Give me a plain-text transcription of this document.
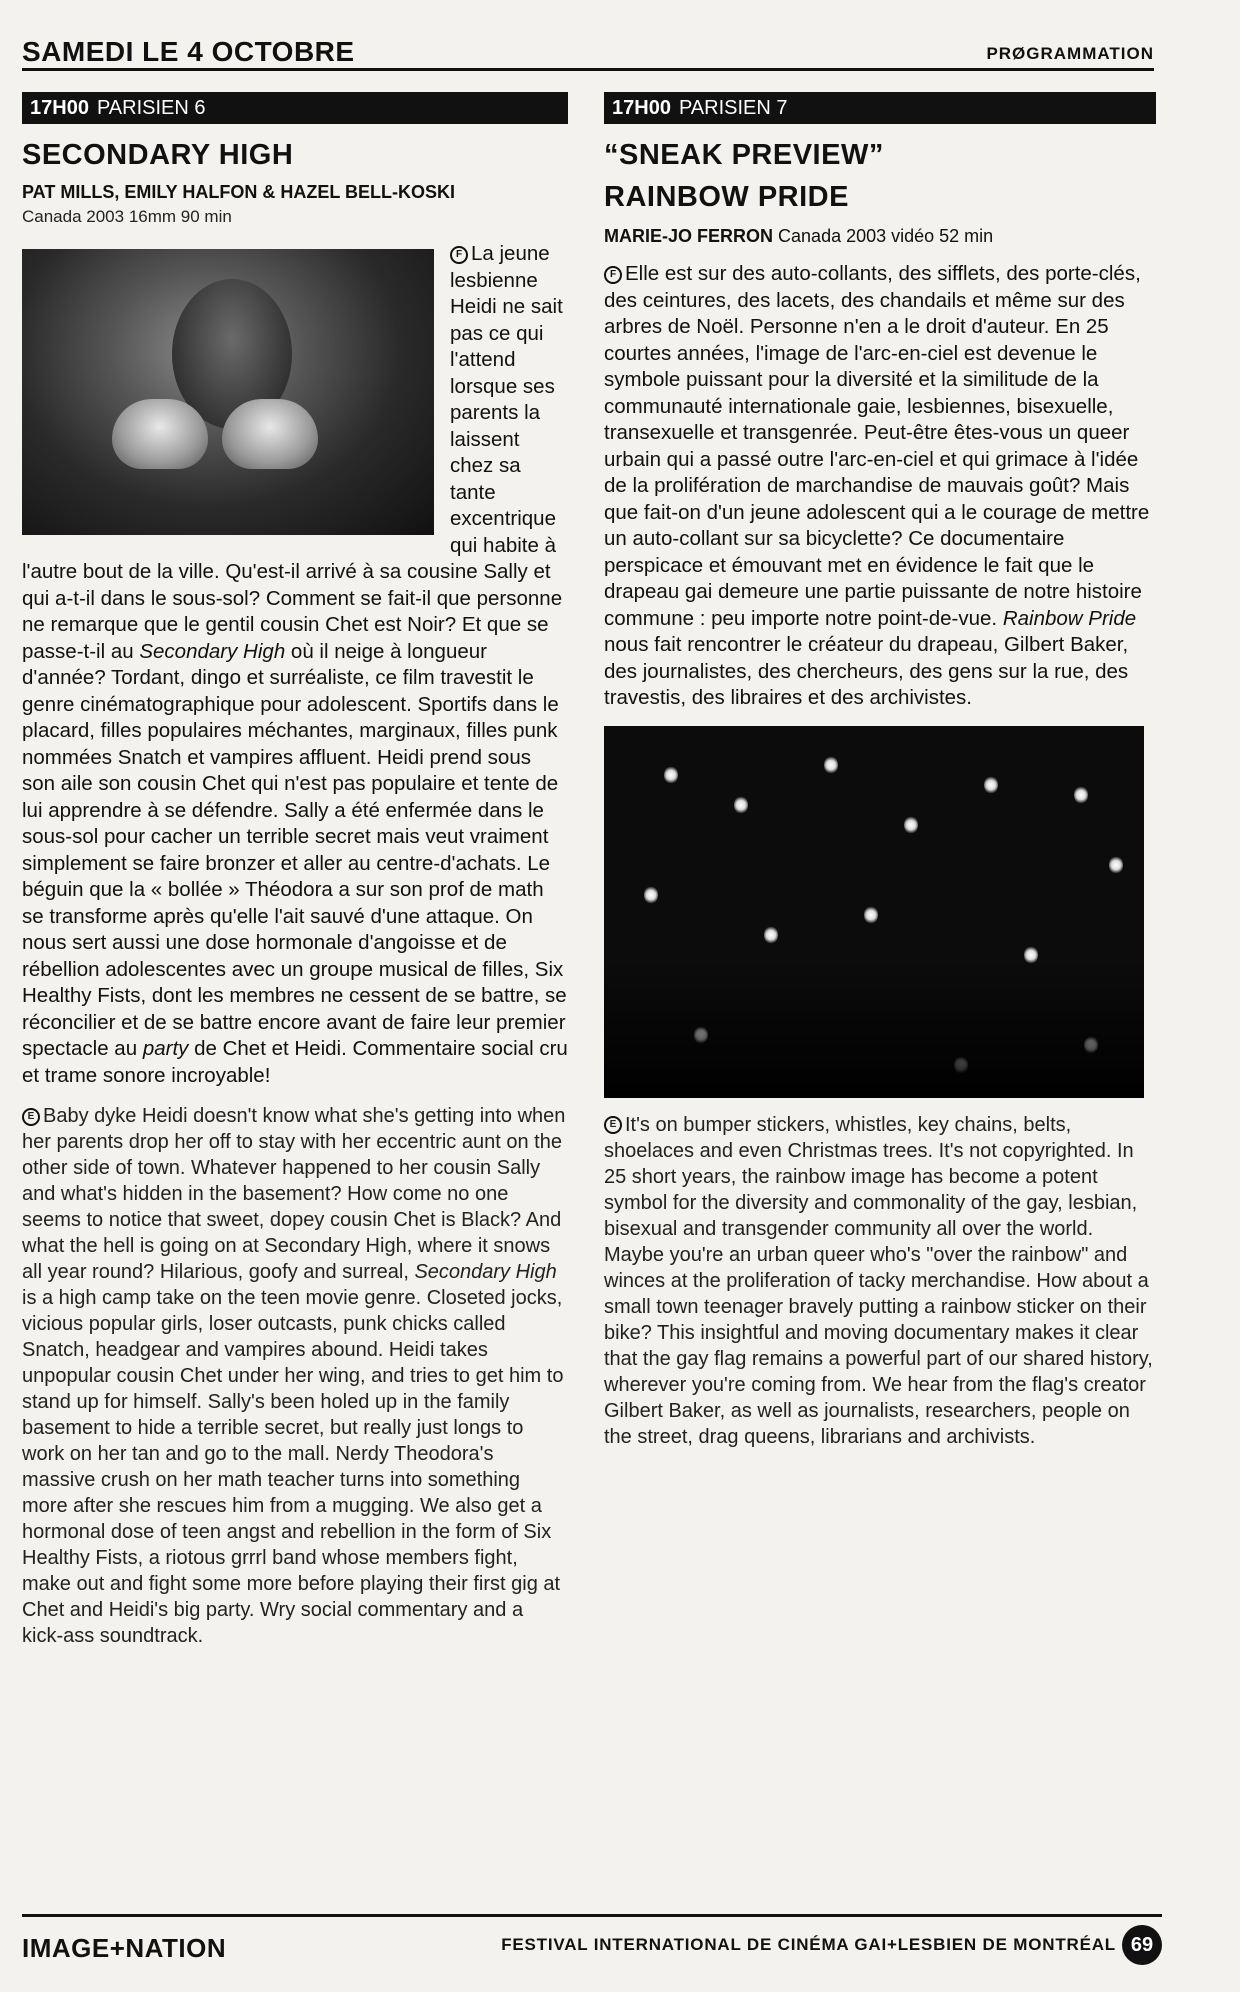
SAMEDI LE 4 OCTOBRE	PRØGRAMMATION
17H00 PARISIEN 6
SECONDARY HIGH
PAT MILLS, EMILY HALFON & HAZEL BELL-KOSKI
Canada 2003 16mm 90 min

F La jeune lesbienne Heidi ne sait pas ce qui l'attend lorsque ses parents la laissent chez sa tante excentrique qui habite à l'autre bout de la ville. Qu'est-il arrivé à sa cousine Sally et qui a-t-il dans le sous-sol? Comment se fait-il que personne ne remarque que le gentil cousin Chet est Noir? Et que se passe-t-il au Secondary High où il neige à longueur d'année? Tordant, dingo et surréaliste, ce film travestit le genre cinématographique pour adolescent. Sportifs dans le placard, filles populaires méchantes, marginaux, filles punk nommées Snatch et vampires affluent. Heidi prend sous son aile son cousin Chet qui n'est pas populaire et tente de lui apprendre à se défendre. Sally a été enfermée dans le sous-sol pour cacher un terrible secret mais veut vraiment simplement se faire bronzer et aller au centre-d'achats. Le béguin que la « bollée » Théodora a sur son prof de math se transforme après qu'elle l'ait sauvé d'une attaque. On nous sert aussi une dose hormonale d'angoisse et de rébellion adolescentes avec un groupe musical de filles, Six Healthy Fists, dont les membres ne cessent de se battre, se réconcilier et de se battre encore avant de faire leur premier spectacle au party de Chet et Heidi. Commentaire social cru et trame sonore incroyable!

E Baby dyke Heidi doesn't know what she's getting into when her parents drop her off to stay with her eccentric aunt on the other side of town. Whatever happened to her cousin Sally and what's hidden in the basement? How come no one seems to notice that sweet, dopey cousin Chet is Black? And what the hell is going on at Secondary High, where it snows all year round? Hilarious, goofy and surreal, Secondary High is a high camp take on the teen movie genre. Closeted jocks, vicious popular girls, loser outcasts, punk chicks called Snatch, headgear and vampires abound. Heidi takes unpopular cousin Chet under her wing, and tries to get him to stand up for himself. Sally's been holed up in the family basement to hide a terrible secret, but really just longs to work on her tan and go to the mall. Nerdy Theodora's massive crush on her math teacher turns into something more after she rescues him from a mugging. We also get a hormonal dose of teen angst and rebellion in the form of Six Healthy Fists, a riotous grrrl band whose members fight, make out and fight some more before playing their first gig at Chet and Heidi's big party. Wry social commentary and a kick-ass soundtrack.

17H00 PARISIEN 7
“SNEAK PREVIEW”
RAINBOW PRIDE
MARIE-JO FERRON Canada 2003 vidéo 52 min

F Elle est sur des auto-collants, des sifflets, des porte-clés, des ceintures, des lacets, des chandails et même sur des arbres de Noël. Personne n'en a le droit d'auteur. En 25 courtes années, l'image de l'arc-en-ciel est devenue le symbole puissant pour la diversité et la similitude de la communauté internationale gaie, lesbiennes, bisexuelle, transexuelle et transgenrée. Peut-être êtes-vous un queer urbain qui a passé outre l'arc-en-ciel et qui grimace à l'idée de la prolifération de marchandise de mauvais goût? Mais que fait-on d'un jeune adolescent qui a le courage de mettre un auto-collant sur sa bicyclette? Ce documentaire perspicace et émouvant met en évidence le fait que le drapeau gai demeure une partie puissante de notre histoire commune : peu importe notre point-de-vue. Rainbow Pride nous fait rencontrer le créateur du drapeau, Gilbert Baker, des journalistes, des chercheurs, des gens sur la rue, des travestis, des libraires et des archivistes.

E It's on bumper stickers, whistles, key chains, belts, shoelaces and even Christmas trees. It's not copyrighted. In 25 short years, the rainbow image has become a potent symbol for the diversity and commonality of the gay, lesbian, bisexual and transgender community all over the world. Maybe you're an urban queer who's "over the rainbow" and winces at the proliferation of tacky merchandise. How about a small town teenager bravely putting a rainbow sticker on their bike? This insightful and moving documentary makes it clear that the gay flag remains a powerful part of our shared history, wherever you're coming from. We hear from the flag's creator Gilbert Baker, as well as journalists, researchers, people on the street, drag queens, librarians and archivists.

IMAGE+NATION	FESTIVAL INTERNATIONAL DE CINÉMA GAI+LESBIEN DE MONTRÉAL 69
